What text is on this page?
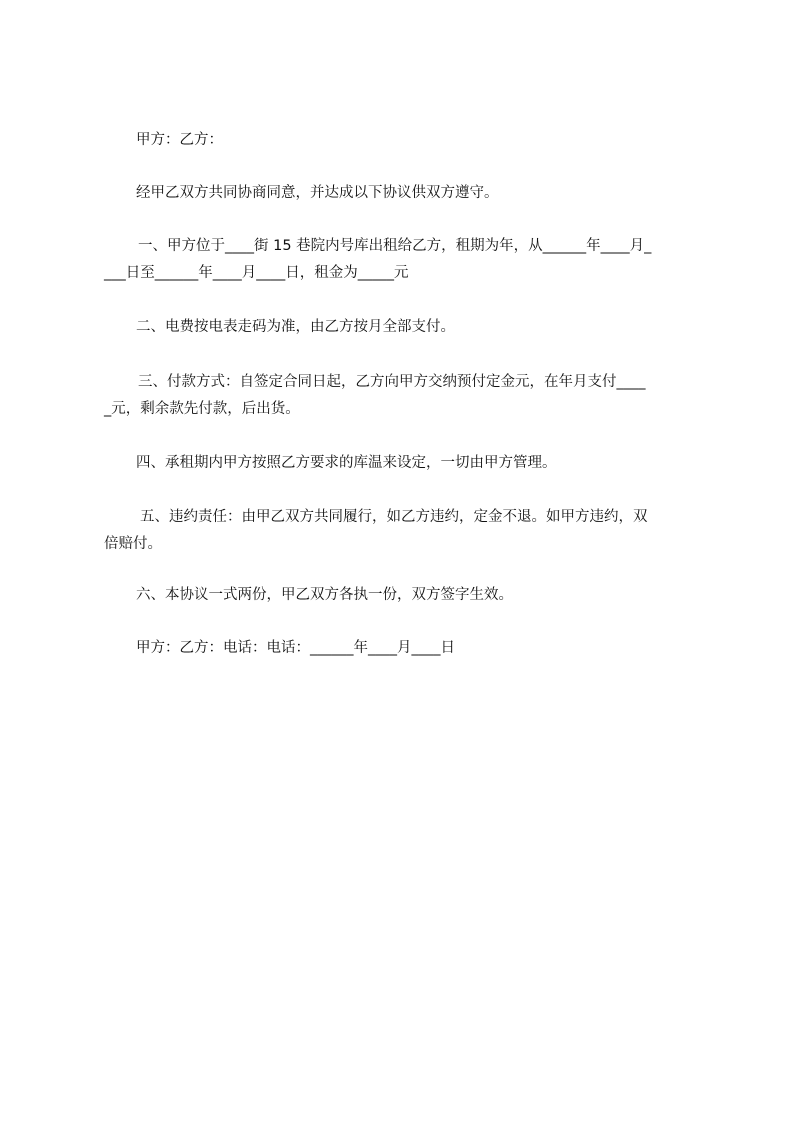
甲方：乙方：

经甲乙双方共同协商同意，并达成以下协议供双方遵守。

一、甲方位于____街 15 巷院内号库出租给乙方，租期为年，从______年____月_

___日至______年____月____日，租金为_____元

二、电费按电表走码为准，由乙方按月全部支付。

三、付款方式：自签定合同日起，乙方向甲方交纳预付定金元，在年月支付____

_元，剩余款先付款，后出货。

四、承租期内甲方按照乙方要求的库温来设定，一切由甲方管理。

五、违约责任：由甲乙双方共同履行，如乙方违约，定金不退。如甲方违约，双

倍赔付。

六、本协议一式两份，甲乙双方各执一份，双方签字生效。

甲方：乙方：电话：电话：______年____月____日
